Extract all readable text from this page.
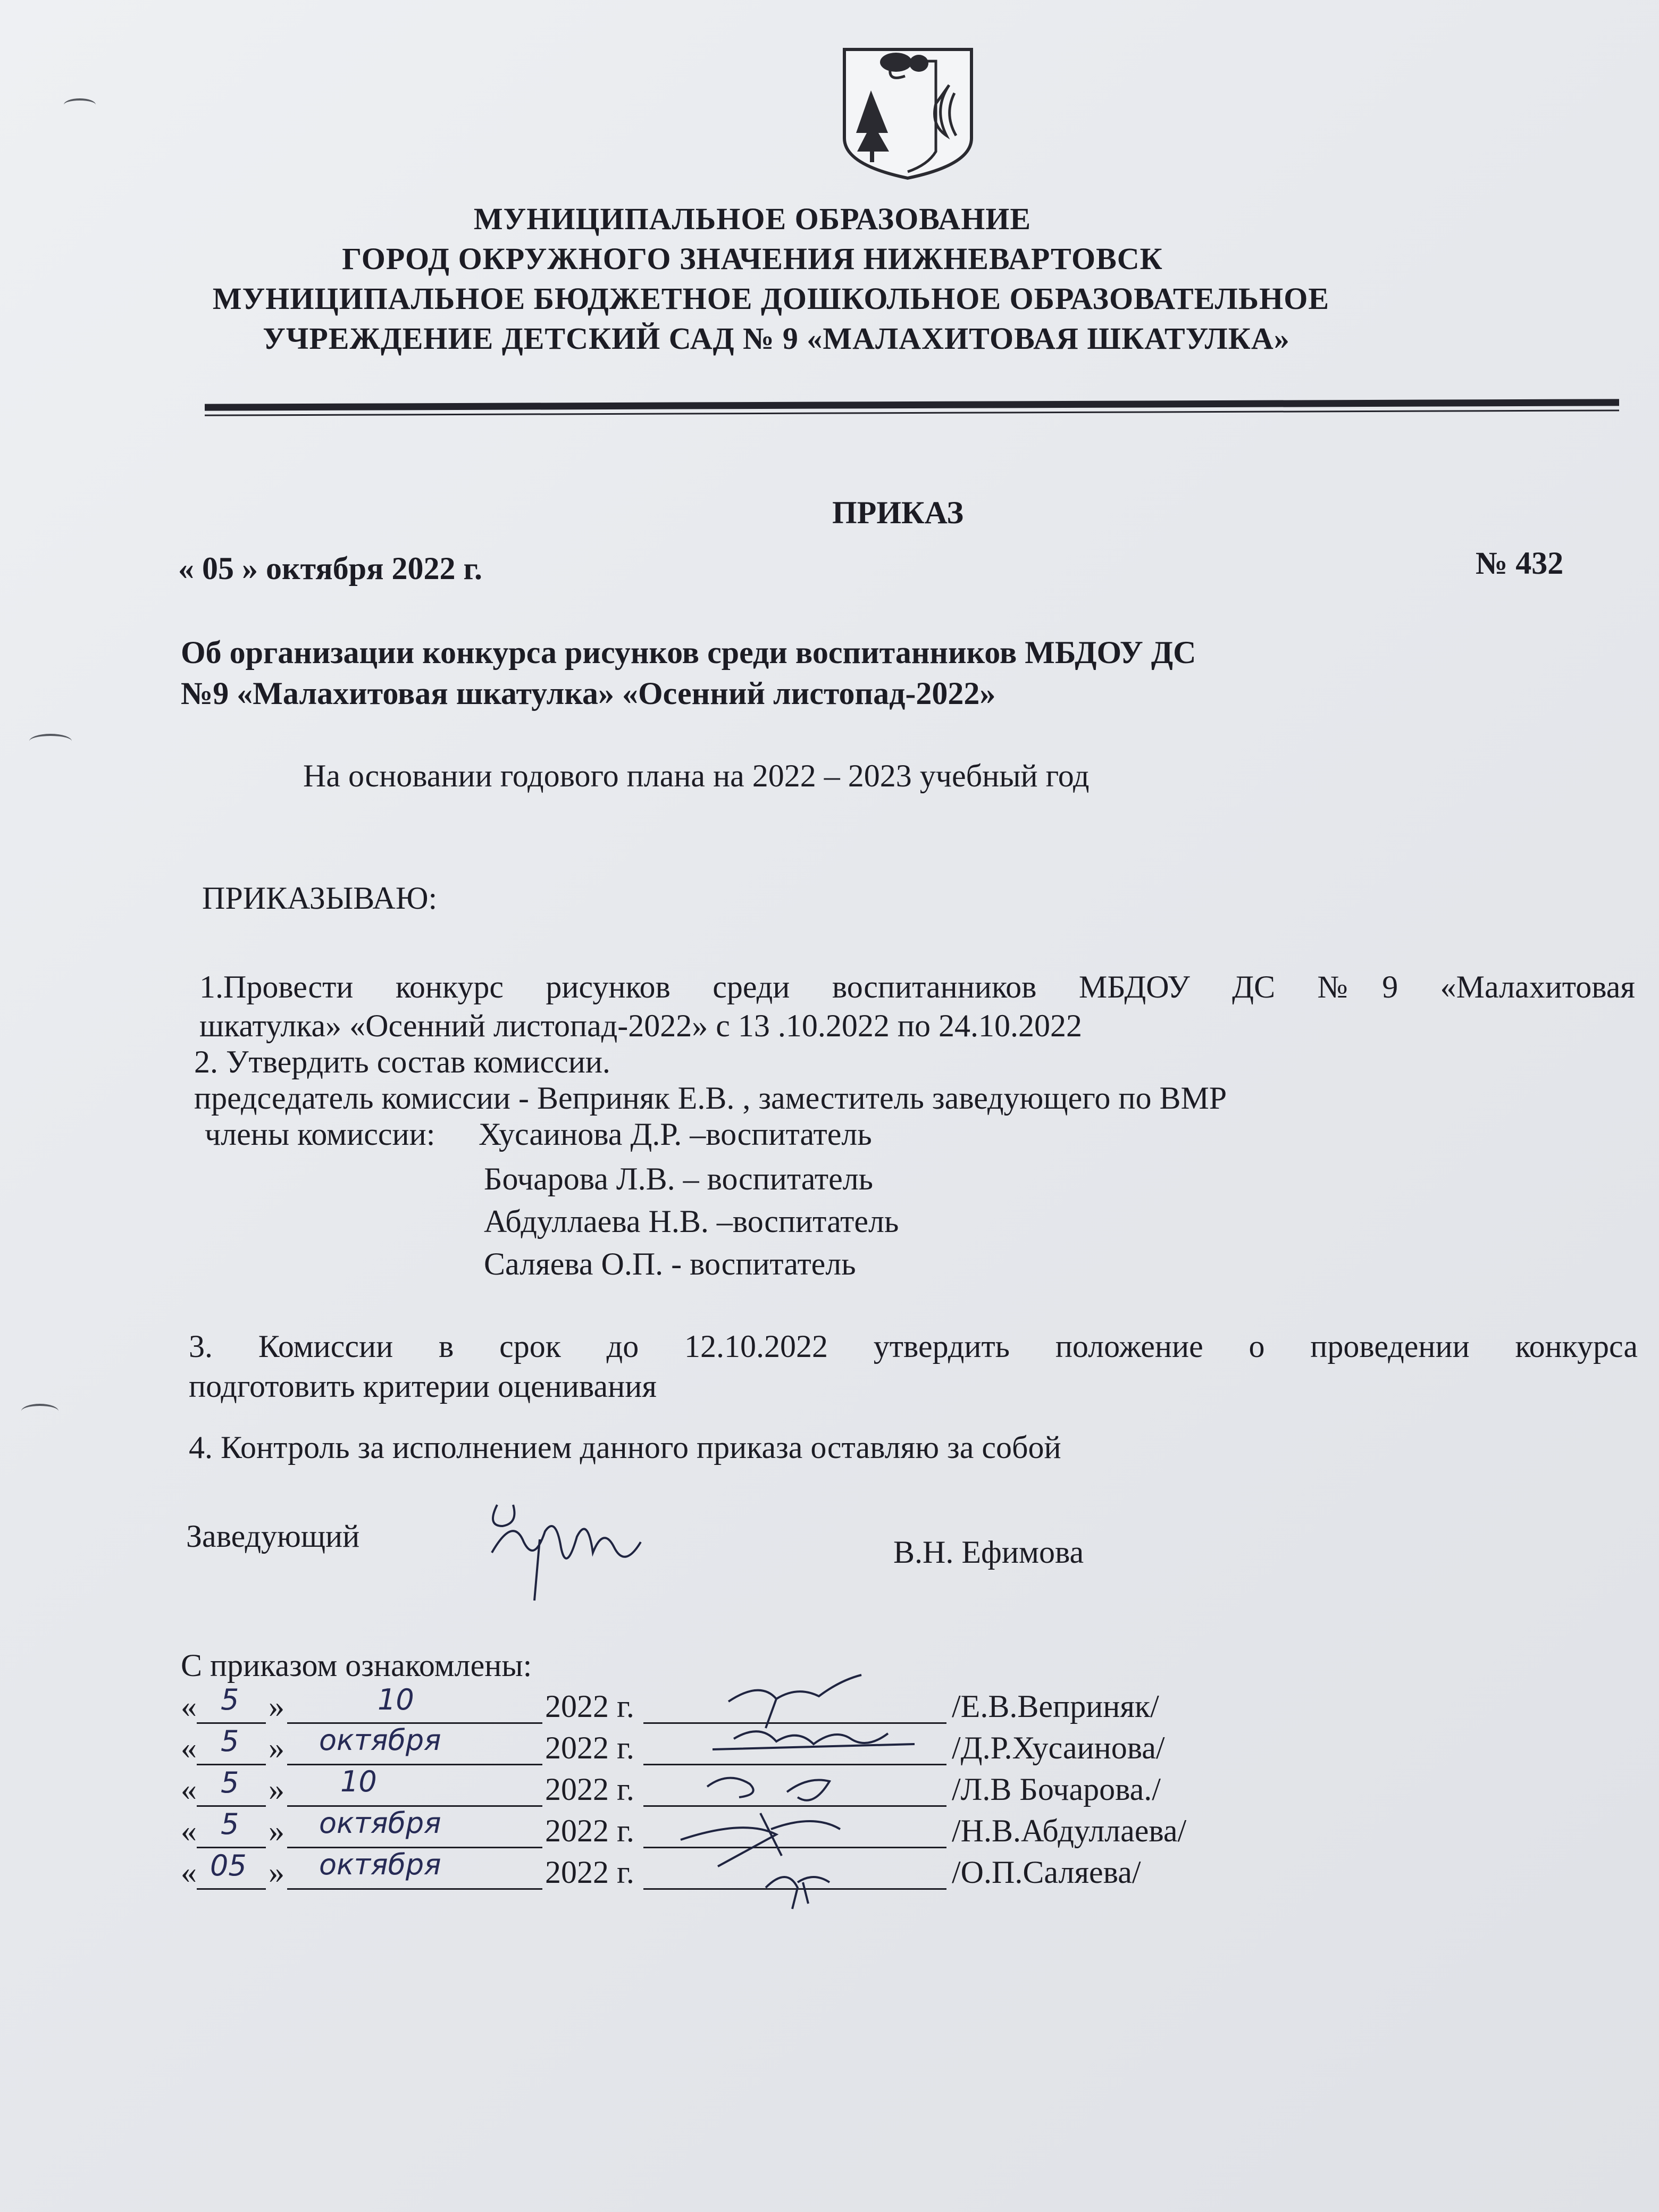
МУНИЦИПАЛЬНОЕ ОБРАЗОВАНИЕ
ГОРОД ОКРУЖНОГО ЗНАЧЕНИЯ НИЖНЕВАРТОВСК
МУНИЦИПАЛЬНОЕ БЮДЖЕТНОЕ ДОШКОЛЬНОЕ ОБРАЗОВАТЕЛЬНОЕ
УЧРЕЖДЕНИЕ ДЕТСКИЙ САД № 9 «МАЛАХИТОВАЯ ШКАТУЛКА»
ПРИКАЗ
« 05 » октября 2022 г.	№ 432
Об организации конкурса рисунков среди воспитанников МБДОУ ДС
№9 «Малахитовая шкатулка» «Осенний листопад-2022»
На основании годового плана на 2022 – 2023 учебный год
ПРИКАЗЫВАЮ:
1.Провести конкурс рисунков среди воспитанников МБДОУ ДС №9 «Малахитовая
шкатулка» «Осенний листопад-2022» с 13 .10.2022 по 24.10.2022
2. Утвердить состав комиссии.
председатель комиссии - Веприняк Е.В. , заместитель заведующего по ВМР
члены комиссии: Хусаинова Д.Р. –воспитатель
Бочарова Л.В. – воспитатель
Абдуллаева Н.В. –воспитатель
Саляева О.П. - воспитатель
3. Комиссии в срок до 12.10.2022 утвердить положение о проведении конкурса
подготовить критерии оценивания
4. Контроль за исполнением данного приказа оставляю за собой
Заведующий	В.Н. Ефимова
С приказом ознакомлены:
« 5 »	10	2022 г.	/Е.В.Веприняк/
« 5 » октября	2022 г.	/Д.Р.Хусаинова/
« 5 » 10	2022 г.	/Л.В Бочарова./
« 5 » октября	2022 г.	/Н.В.Абдуллаева/
« 05 » октября	2022 г.	/О.П.Саляева/
